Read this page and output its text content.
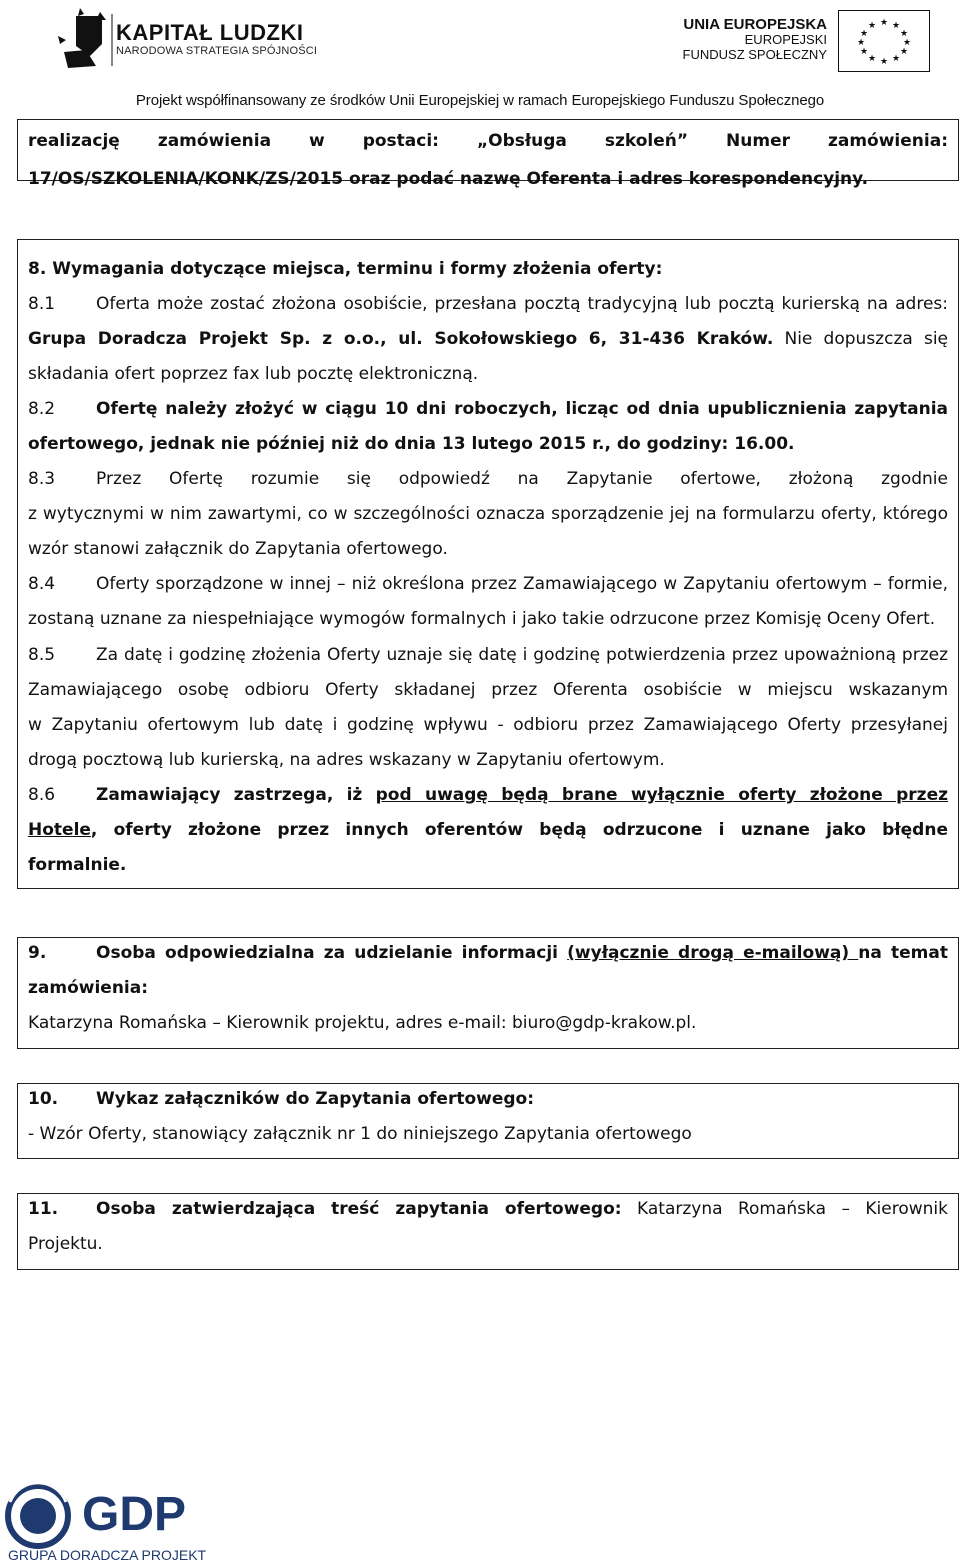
KAPITAŁ LUDZKI
NARODOWA STRATEGIA SPÓJNOŚCI
UNIA EUROPEJSKA
EUROPEJSKI
FUNDUSZ SPOŁECZNY
★ ★
★
★
★
★
★
★
★
★
★
★
Projekt współfinansowany ze środków Unii Europejskiej w ramach Europejskiego Funduszu Społecznego
realizację zamówienia w postaci: „Obsługa szkoleń” Numer zamówienia:
17/OS/SZKOLENIA/KONK/ZS/2015 oraz podać nazwę Oferenta i adres korespondencyjny.
8. Wymagania dotyczące miejsca, terminu i formy złożenia oferty:
8.1 Oferta może zostać złożona osobiście, przesłana pocztą tradycyjną lub pocztą kurierską na adres:
Grupa Doradcza Projekt Sp. z o.o., ul. Sokołowskiego 6, 31-436 Kraków. Nie dopuszcza się
składania ofert poprzez fax lub pocztę elektroniczną.
8.2 Ofertę należy złożyć w ciągu 10 dni roboczych, licząc od dnia upublicznienia zapytania
ofertowego, jednak nie później niż do dnia 13 lutego 2015 r., do godziny: 16.00.
8.3 Przez Ofertę rozumie się odpowiedź na Zapytanie ofertowe, złożoną zgodnie
z wytycznymi w nim zawartymi, co w szczególności oznacza sporządzenie jej na formularzu oferty, którego
wzór stanowi załącznik do Zapytania ofertowego.
8.4 Oferty sporządzone w innej – niż określona przez Zamawiającego w Zapytaniu ofertowym – formie,
zostaną uznane za niespełniające wymogów formalnych i jako takie odrzucone przez Komisję Oceny Ofert.
8.5 Za datę i godzinę złożenia Oferty uznaje się datę i godzinę potwierdzenia przez upoważnioną przez
Zamawiającego osobę odbioru Oferty składanej przez Oferenta osobiście w miejscu wskazanym
w Zapytaniu ofertowym lub datę i godzinę wpływu - odbioru przez Zamawiającego Oferty przesyłanej
drogą pocztową lub kurierską, na adres wskazany w Zapytaniu ofertowym.
8.6 Zamawiający zastrzega, iż pod uwagę będą brane wyłącznie oferty złożone przez
Hotele, oferty złożone przez innych oferentów będą odrzucone i uznane jako błędne
formalnie.
9.	Osoba odpowiedzialna za udzielanie informacji (wyłącznie drogą e-mailową) na temat
zamówienia:
Katarzyna Romańska – Kierownik projektu, adres e-mail: biuro@gdp-krakow.pl.
10. Wykaz załączników do Zapytania ofertowego:
- Wzór Oferty, stanowiący załącznik nr 1 do niniejszego Zapytania ofertowego
11. Osoba zatwierdzająca treść zapytania ofertowego: Katarzyna Romańska – Kierownik
Projektu.
GDP
GRUPA DORADCZA PROJEKT
